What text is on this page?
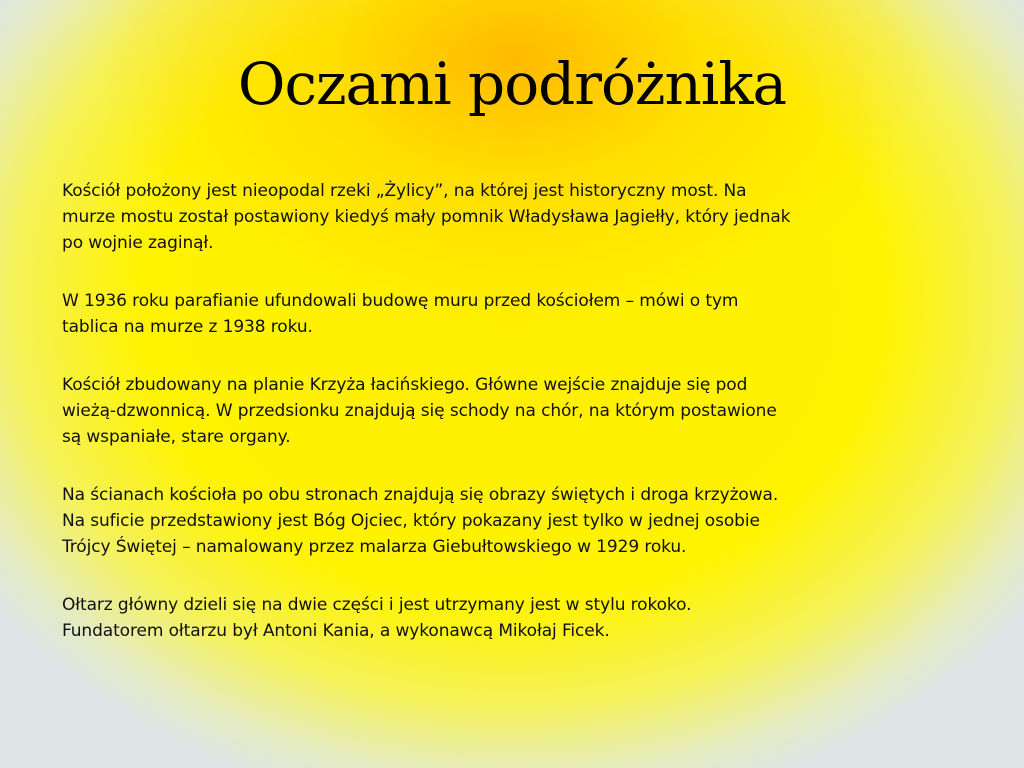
Oczami podróżnika

Kościół położony jest nieopodal rzeki „Żylicy”, na której jest historyczny most. Na
murze mostu został postawiony kiedyś mały pomnik Władysława Jagiełły, który jednak
po wojnie zaginął.

W 1936 roku parafianie ufundowali budowę muru przed kościołem – mówi o tym
tablica na murze z 1938 roku.

Kościół zbudowany na planie Krzyża łacińskiego. Główne wejście znajduje się pod
wieżą-dzwonnicą. W przedsionku znajdują się schody na chór, na którym postawione
są wspaniałe, stare organy.

Na ścianach kościoła po obu stronach znajdują się obrazy świętych i droga krzyżowa.
Na suficie przedstawiony jest Bóg Ojciec, który pokazany jest tylko w jednej osobie
Trójcy Świętej – namalowany przez malarza Giebułtowskiego w 1929 roku.

Ołtarz główny dzieli się na dwie części i jest utrzymany jest w stylu rokoko.
Fundatorem ołtarzu był Antoni Kania, a wykonawcą Mikołaj Ficek.
